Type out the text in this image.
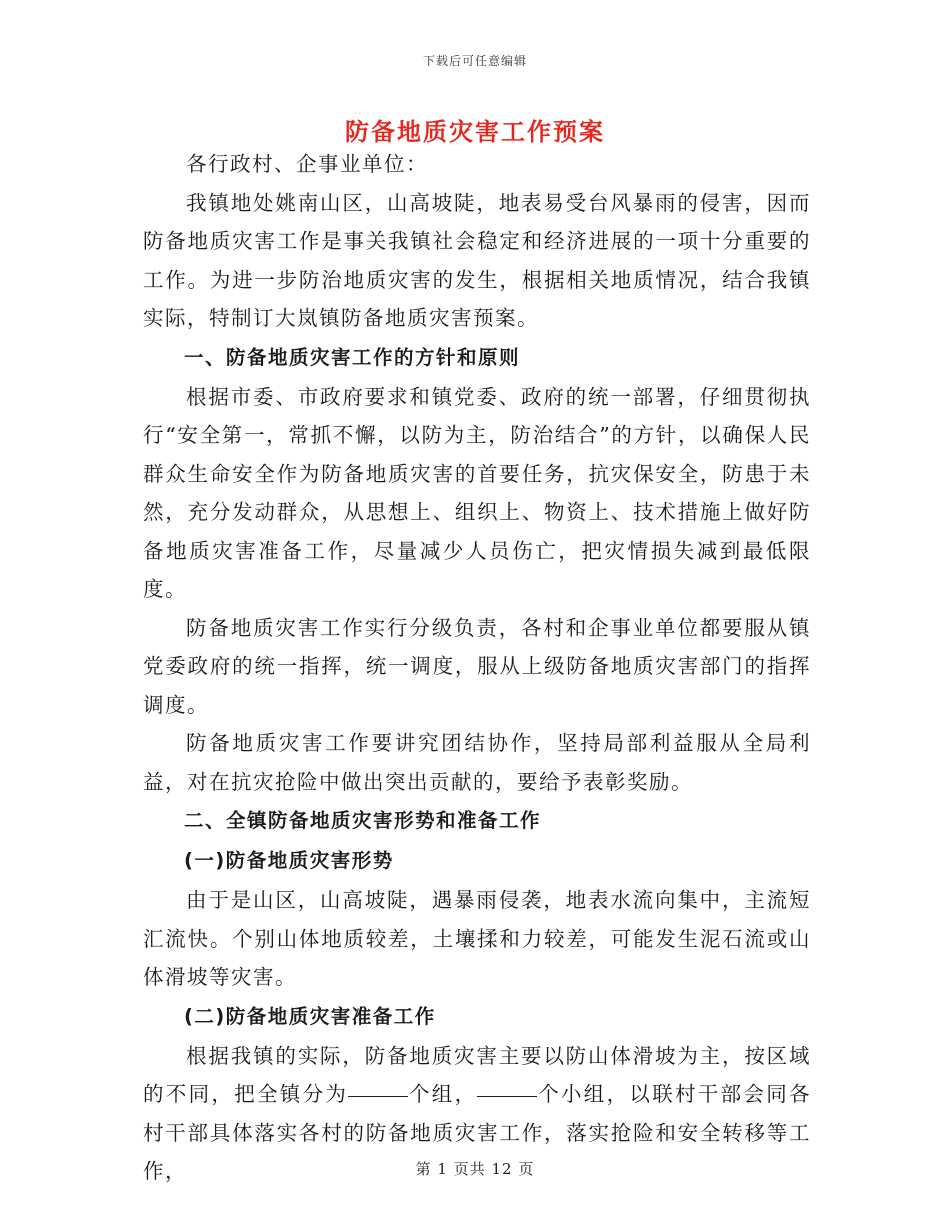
下载后可任意编辑
防备地质灾害工作预案

各行政村、企事业单位：

我镇地处姚南山区，山高坡陡，地表易受台风暴雨的侵害，因而防备地质灾害工作是事关我镇社会稳定和经济进展的一项十分重要的工作。为进一步防治地质灾害的发生，根据相关地质情况，结合我镇实际，特制订大岚镇防备地质灾害预案。

一、防备地质灾害工作的方针和原则

根据市委、市政府要求和镇党委、政府的统一部署，仔细贯彻执行“安全第一，常抓不懈，以防为主，防治结合”的方针，以确保人民群众生命安全作为防备地质灾害的首要任务，抗灾保安全，防患于未然，充分发动群众，从思想上、组织上、物资上、技术措施上做好防备地质灾害准备工作，尽量减少人员伤亡，把灾情损失减到最低限度。

防备地质灾害工作实行分级负责，各村和企事业单位都要服从镇党委政府的统一指挥，统一调度，服从上级防备地质灾害部门的指挥调度。

防备地质灾害工作要讲究团结协作，坚持局部利益服从全局利益，对在抗灾抢险中做出突出贡献的，要给予表彰奖励。

二、全镇防备地质灾害形势和准备工作

(一)防备地质灾害形势

由于是山区，山高坡陡，遇暴雨侵袭，地表水流向集中，主流短汇流快。个别山体地质较差，土壤揉和力较差，可能发生泥石流或山体滑坡等灾害。

(二)防备地质灾害准备工作

根据我镇的实际，防备地质灾害主要以防山体滑坡为主，按区域的不同，把全镇分为	个组，	个小组，以联村干部会同各村干部具体落实各村的防备地质灾害工作，落实抢险和安全转移等工作，	第 1 页共 12 页
